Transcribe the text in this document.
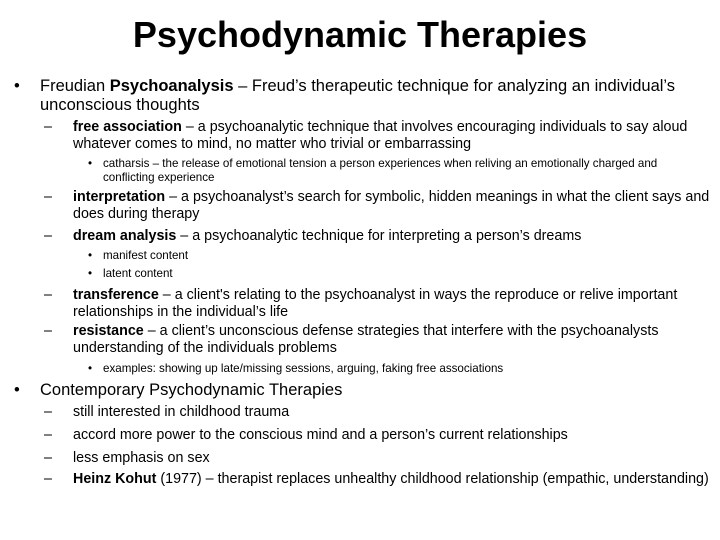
Psychodynamic Therapies
• Freudian Psychoanalysis – Freud’s therapeutic technique for analyzing an individual’s unconscious thoughts
– free association – a psychoanalytic technique that involves encouraging individuals to say aloud whatever comes to mind, no matter who trivial or embarrassing
• catharsis – the release of emotional tension a person experiences when reliving an emotionally charged and conflicting experience
– interpretation – a psychoanalyst’s search for symbolic, hidden meanings in what the client says and does during therapy
– dream analysis – a psychoanalytic technique for interpreting a person’s dreams
• manifest content
• latent content
– transference – a client's relating to the psychoanalyst in ways the reproduce or relive important relationships in the individual’s life
– resistance – a client’s unconscious defense strategies that interfere with the psychoanalysts understanding of the individuals problems
• examples: showing up late/missing sessions, arguing, faking free associations
• Contemporary Psychodynamic Therapies
– still interested in childhood trauma
– accord more power to the conscious mind and a person’s current relationships
– less emphasis on sex
– Heinz Kohut (1977) – therapist replaces unhealthy childhood relationship (empathic, understanding)
